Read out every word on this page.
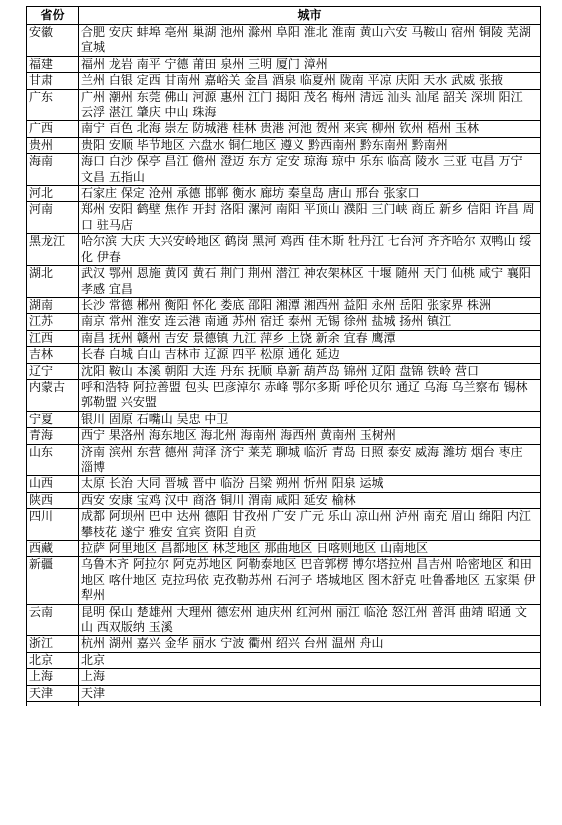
省份	城市
安徽	合肥 安庆 蚌埠 亳州 巢湖 池州 滁州 阜阳 淮北 淮南 黄山六安 马鞍山 宿州 铜陵 芜湖宣城
福建	福州 龙岩 南平 宁德 莆田 泉州 三明 厦门 漳州
甘肃	兰州 白银 定西 甘南州 嘉峪关 金昌 酒泉 临夏州 陇南 平凉 庆阳 天水 武威 张掖
广东	广州 潮州 东莞 佛山 河源 惠州 江门 揭阳 茂名 梅州 清远 汕头 汕尾 韶关 深圳 阳江云浮 湛江 肇庆 中山 珠海
广西	南宁 百色 北海 崇左 防城港 桂林 贵港 河池 贺州 来宾 柳州 钦州 梧州 玉林
贵州	贵阳 安顺 毕节地区 六盘水 铜仁地区 遵义 黔西南州 黔东南州 黔南州
海南	海口 白沙 保亭 昌江 儋州 澄迈 东方 定安 琼海 琼中 乐东 临高 陵水 三亚 屯昌 万宁文昌 五指山
河北	石家庄 保定 沧州 承德 邯郸 衡水 廊坊 秦皇岛 唐山 邢台 张家口
河南	郑州 安阳 鹤壁 焦作 开封 洛阳 漯河 南阳 平顶山 濮阳 三门峡 商丘 新乡 信阳 许昌 周口 驻马店
黑龙江	哈尔滨 大庆 大兴安岭地区 鹤岗 黑河 鸡西 佳木斯 牡丹江 七台河 齐齐哈尔 双鸭山 绥化 伊春
湖北	武汉 鄂州 恩施 黄冈 黄石 荆门 荆州 潜江 神农架林区 十堰 随州 天门 仙桃 咸宁 襄阳孝感 宜昌
湖南	长沙 常德 郴州 衡阳 怀化 娄底 邵阳 湘潭 湘西州 益阳 永州 岳阳 张家界 株洲
江苏	南京 常州 淮安 连云港 南通 苏州 宿迁 泰州 无锡 徐州 盐城 扬州 镇江
江西	南昌 抚州 赣州 吉安 景德镇 九江 萍乡 上饶 新余 宜春 鹰潭
吉林	长春 白城 白山 吉林市 辽源 四平 松原 通化 延边
辽宁	沈阳 鞍山 本溪 朝阳 大连 丹东 抚顺 阜新 葫芦岛 锦州 辽阳 盘锦 铁岭 营口
内蒙古	呼和浩特 阿拉善盟 包头 巴彦淖尔 赤峰 鄂尔多斯 呼伦贝尔 通辽 乌海 乌兰察布 锡林郭勒盟 兴安盟
宁夏	银川 固原 石嘴山 吴忠 中卫
青海	西宁 果洛州 海东地区 海北州 海南州 海西州 黄南州 玉树州
山东	济南 滨州 东营 德州 菏泽 济宁 莱芜 聊城 临沂 青岛 日照 泰安 威海 潍坊 烟台 枣庄淄博
山西	太原 长治 大同 晋城 晋中 临汾 吕梁 朔州 忻州 阳泉 运城
陕西	西安 安康 宝鸡 汉中 商洛 铜川 渭南 咸阳 延安 榆林
四川	成都 阿坝州 巴中 达州 德阳 甘孜州 广安 广元 乐山 凉山州 泸州 南充 眉山 绵阳 内江攀枝花 遂宁 雅安 宜宾 资阳 自贡
西藏	拉萨 阿里地区 昌都地区 林芝地区 那曲地区 日喀则地区 山南地区
新疆	乌鲁木齐 阿拉尔 阿克苏地区 阿勒泰地区 巴音郭楞 博尔塔拉州 昌吉州 哈密地区 和田地区 喀什地区 克拉玛依 克孜勒苏州 石河子 塔城地区 图木舒克 吐鲁番地区 五家渠 伊犁州
云南	昆明 保山 楚雄州 大理州 德宏州 迪庆州 红河州 丽江 临沧 怒江州 普洱 曲靖 昭通 文山 西双版纳 玉溪
浙江	杭州 湖州 嘉兴 金华 丽水 宁波 衢州 绍兴 台州 温州 舟山
北京	北京
上海	上海
天津	天津
